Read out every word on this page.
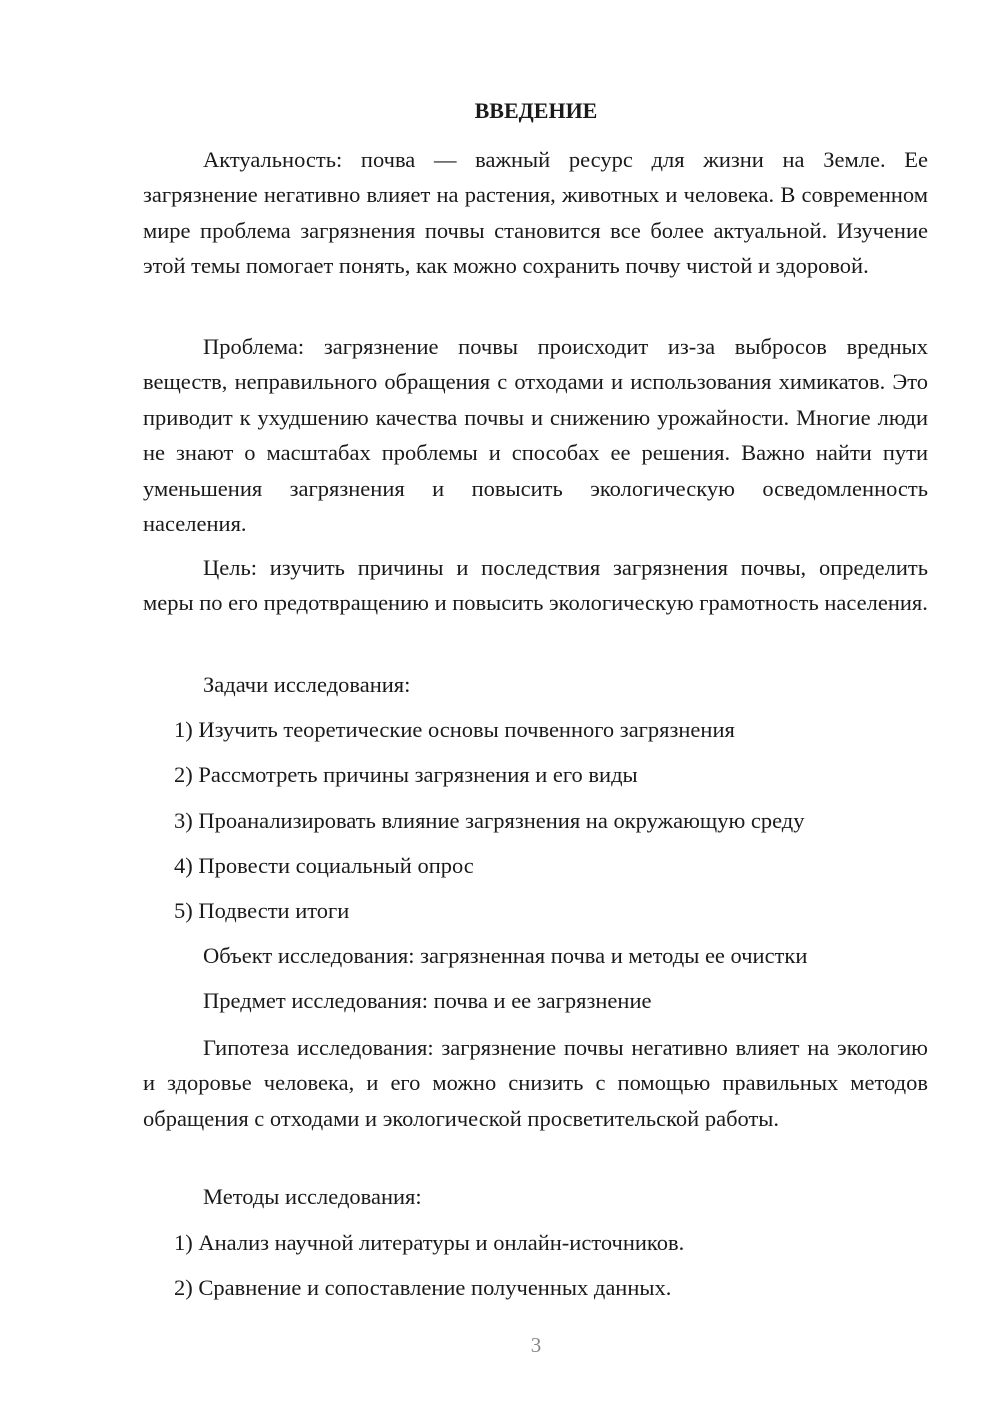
ВВЕДЕНИЕ

Актуальность: почва — важный ресурс для жизни на Земле. Ее загрязнение негативно влияет на растения, животных и человека. В современном мире проблема загрязнения почвы становится все более актуальной. Изучение этой темы помогает понять, как можно сохранить почву чистой и здоровой.

Проблема: загрязнение почвы происходит из-за выбросов вредных веществ, неправильного обращения с отходами и использования химикатов. Это приводит к ухудшению качества почвы и снижению урожайности. Многие люди не знают о масштабах проблемы и способах ее решения. Важно найти пути уменьшения загрязнения и повысить экологическую осведомленность населения.

Цель: изучить причины и последствия загрязнения почвы, определить меры по его предотвращению и повысить экологическую грамотность населения.

Задачи исследования:
1) Изучить теоретические основы почвенного загрязнения
2) Рассмотреть причины загрязнения и его виды
3) Проанализировать влияние загрязнения на окружающую среду
4) Провести социальный опрос
5) Подвести итоги
Объект исследования: загрязненная почва и методы ее очистки
Предмет исследования: почва и ее загрязнение

Гипотеза исследования: загрязнение почвы негативно влияет на экологию и здоровье человека, и его можно снизить с помощью правильных методов обращения с отходами и экологической просветительской работы.

Методы исследования:
1) Анализ научной литературы и онлайн-источников.
2) Сравнение и сопоставление полученных данных.
3
